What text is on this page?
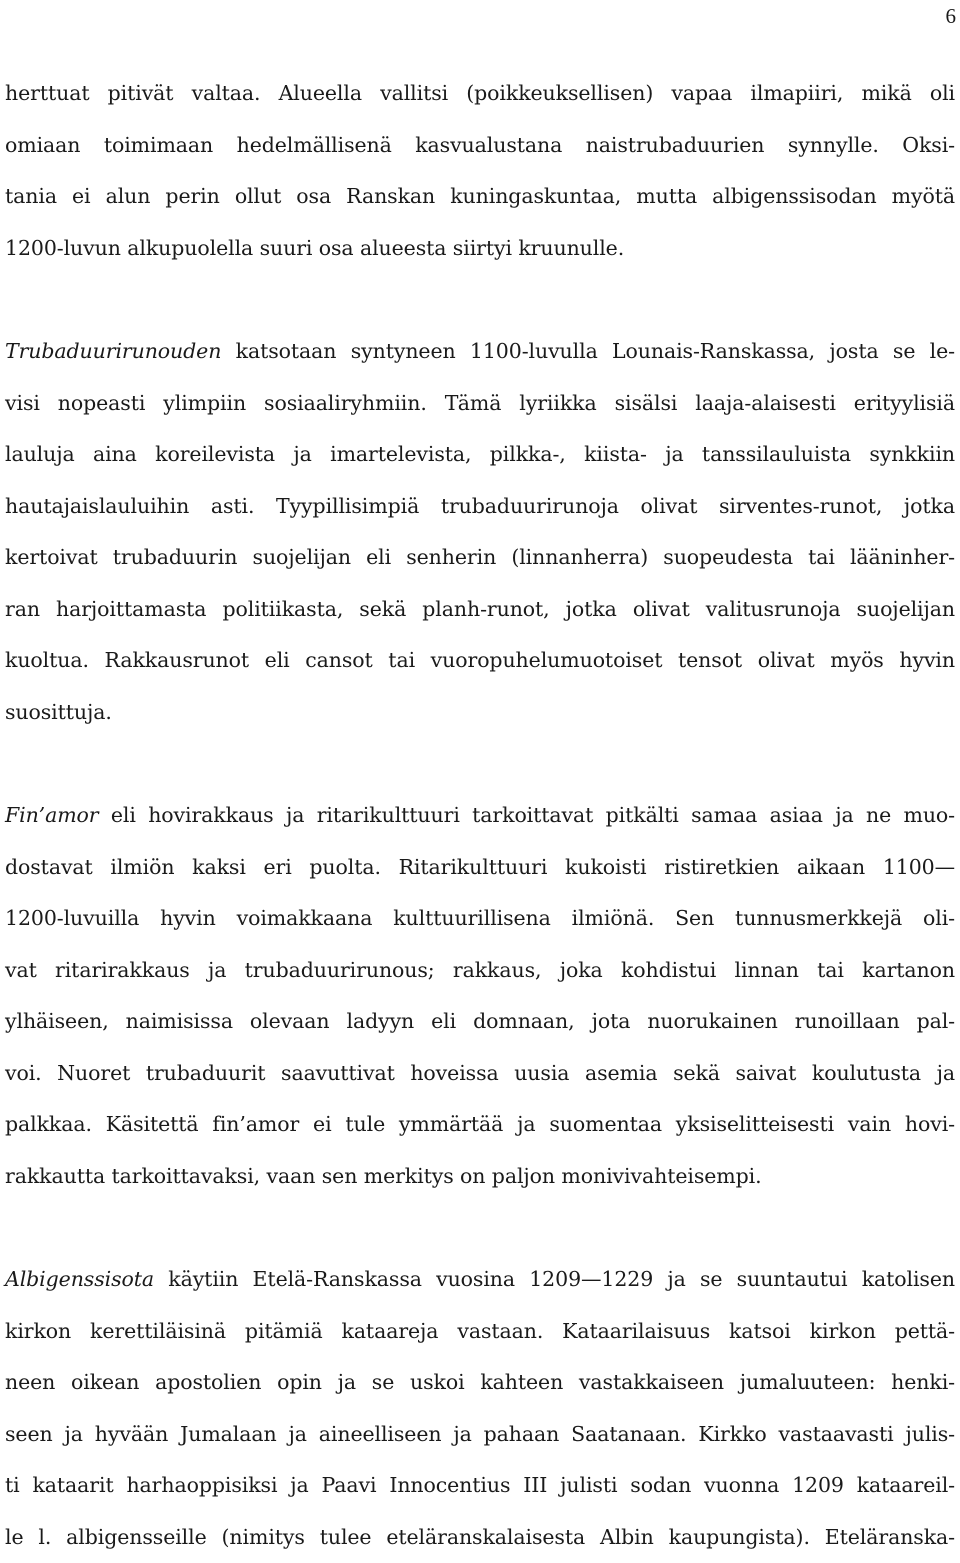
6

herttuat pitivät valtaa. Alueella vallitsi (poikkeuksellisen) vapaa ilmapiiri, mikä oli
omiaan toimimaan hedelmällisenä kasvualustana naistrubaduurien synnylle. Oksi-
tania ei alun perin ollut osa Ranskan kuningaskuntaa, mutta albigenssisodan myötä
1200-luvun alkupuolella suuri osa alueesta siirtyi kruunulle.

Trubaduurirunouden katsotaan syntyneen 1100-luvulla Lounais-Ranskassa, josta se le-
visi nopeasti ylimpiin sosiaaliryhmiin. Tämä lyriikka sisälsi laaja-alaisesti erityylisiä
lauluja aina koreilevista ja imartelevista, pilkka-, kiista- ja tanssilauluista synkkiin
hautajaislauluihin asti. Tyypillisimpiä trubaduurirunoja olivat sirventes-runot, jotka
kertoivat trubaduurin suojelijan eli senherin (linnanherra) suopeudesta tai lääninher-
ran harjoittamasta politiikasta, sekä planh-runot, jotka olivat valitusrunoja suojelijan
kuoltua. Rakkausrunot eli cansot tai vuoropuhelumuotoiset tensot olivat myös hyvin
suosittuja.

Fin’amor eli hovirakkaus ja ritarikulttuuri tarkoittavat pitkälti samaa asiaa ja ne muo-
dostavat ilmiön kaksi eri puolta. Ritarikulttuuri kukoisti ristiretkien aikaan 1100—
1200-luvuilla hyvin voimakkaana kulttuurillisena ilmiönä. Sen tunnusmerkkejä oli-
vat ritarirakkaus ja trubaduurirunous; rakkaus, joka kohdistui linnan tai kartanon
ylhäiseen, naimisissa olevaan ladyyn eli domnaan, jota nuorukainen runoillaan pal-
voi. Nuoret trubaduurit saavuttivat hoveissa uusia asemia sekä saivat koulutusta ja
palkkaa. Käsitettä fin’amor ei tule ymmärtää ja suomentaa yksiselitteisesti vain hovi-
rakkautta tarkoittavaksi, vaan sen merkitys on paljon monivivahteisempi.

Albigenssisota käytiin Etelä-Ranskassa vuosina 1209—1229 ja se suuntautui katolisen
kirkon kerettiläisinä pitämiä kataareja vastaan. Kataarilaisuus katsoi kirkon pettä-
neen oikean apostolien opin ja se uskoi kahteen vastakkaiseen jumaluuteen: henki-
seen ja hyvään Jumalaan ja aineelliseen ja pahaan Saatanaan. Kirkko vastaavasti julis-
ti kataarit harhaoppisiksi ja Paavi Innocentius III julisti sodan vuonna 1209 kataareil-
le l. albigensseille (nimitys tulee eteläranskalaisesta Albin kaupungista). Eteläranska-
